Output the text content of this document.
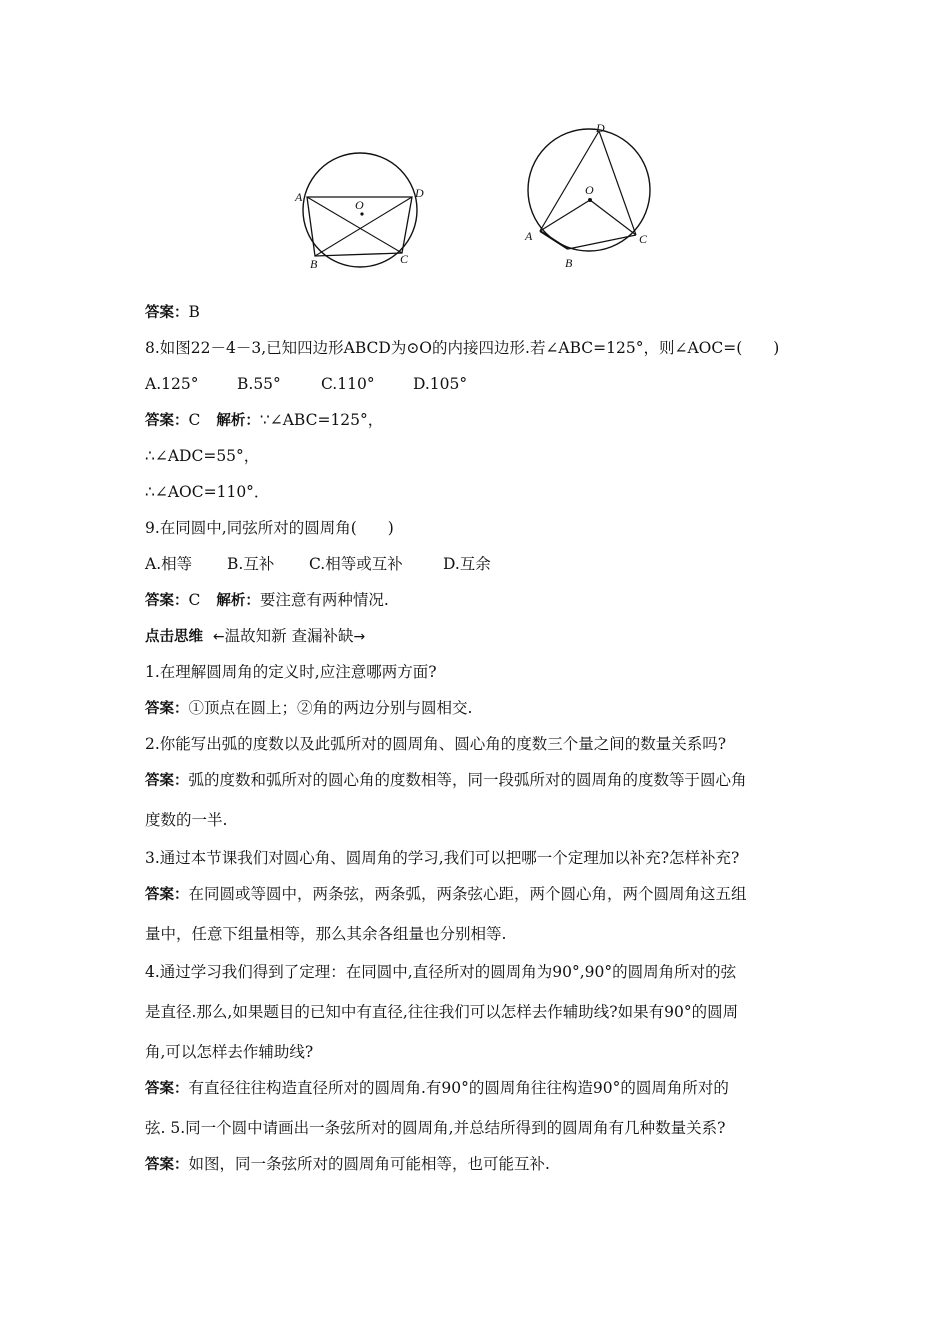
O
A	D
B	C
D
O
A
B
C
答案：B
8.如图22－4－3,已知四边形ABCD为⊙O的内接四边形.若∠ABC=125°，则∠AOC=(　　)
A.125° B.55°	C.110° D.105°
答案：C 解析：∵∠ABC=125°，
∴∠ADC=55°，
∴∠AOC=110°．
9.在同圆中,同弦所对的圆周角(　　)
A.相等 B.互补 C.相等或互补	D.互余
答案：C 解析：要注意有两种情况.
点击思维 ←温故知新 查漏补缺→
1.在理解圆周角的定义时,应注意哪两方面?
答案：①顶点在圆上；②角的两边分别与圆相交.
2.你能写出弧的度数以及此弧所对的圆周角、圆心角的度数三个量之间的数量关系吗?
答案：弧的度数和弧所对的圆心角的度数相等，同一段弧所对的圆周角的度数等于圆心角
度数的一半.
3.通过本节课我们对圆心角、圆周角的学习,我们可以把哪一个定理加以补充?怎样补充?
答案：在同圆或等圆中，两条弦，两条弧，两条弦心距，两个圆心角，两个圆周角这五组
量中，任意下组量相等，那么其余各组量也分别相等.
4.通过学习我们得到了定理：在同圆中,直径所对的圆周角为90°,90°的圆周角所对的弦
是直径.那么,如果题目的已知中有直径,往往我们可以怎样去作辅助线?如果有90°的圆周
角,可以怎样去作辅助线?
答案：有直径往往构造直径所对的圆周角.有90°的圆周角往往构造90°的圆周角所对的
弦. 5.同一个圆中请画出一条弦所对的圆周角,并总结所得到的圆周角有几种数量关系?
答案：如图，同一条弦所对的圆周角可能相等，也可能互补.
